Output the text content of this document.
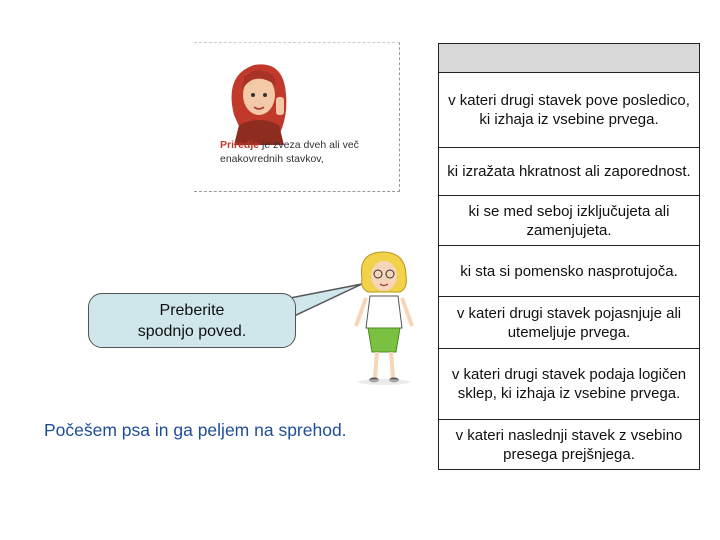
Priredje je zveza dveh ali več
enakovrednih stavkov,
v kateri drugi stavek pove posledico, ki izhaja iz vsebine prvega.
ki izražata hkratnost ali zaporednost.
ki se med seboj izključujeta ali zamenjujeta.
ki sta si pomensko nasprotujoča.
v kateri drugi stavek pojasnjuje ali utemeljuje prvega.
v kateri drugi stavek podaja logičen sklep, ki izhaja iz vsebine prvega.
v kateri naslednji stavek z vsebino presega prejšnjega.
Preberite
spodnjo poved.
Počešem psa in ga peljem na sprehod.
